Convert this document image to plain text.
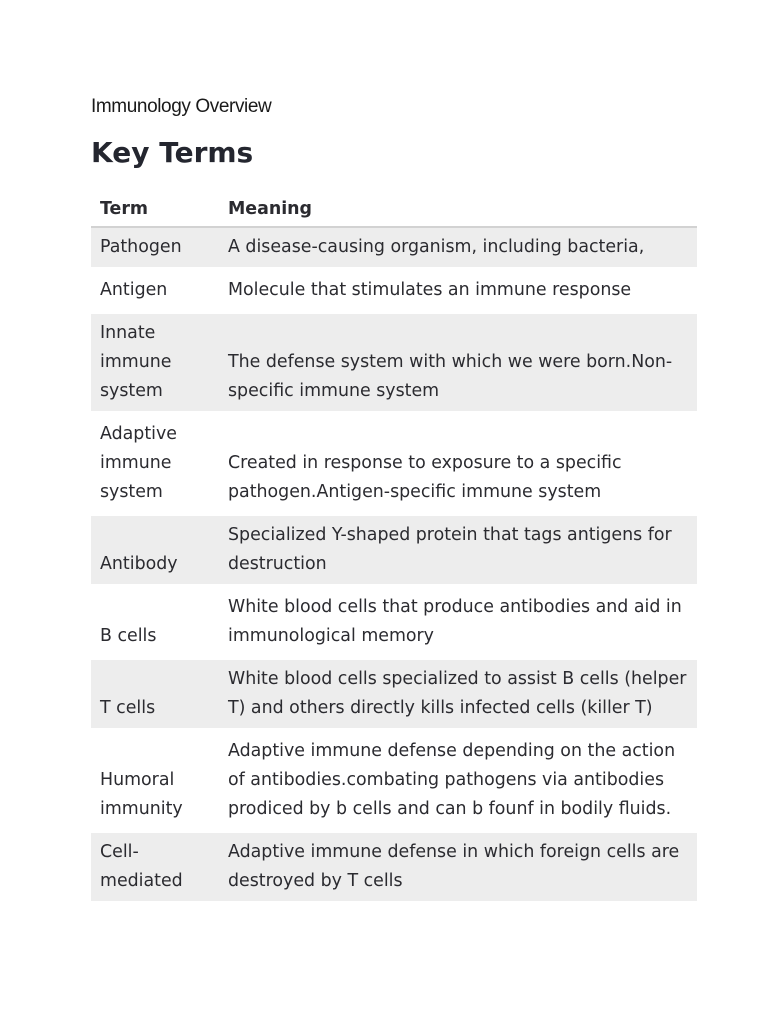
Immunology Overview

Key Terms
Term	Meaning
Pathogen	A disease-causing organism, including bacteria,
Antigen	Molecule that stimulates an immune response
Innate immune system	The defense system with which we were born.Non-specific immune system
Adaptive immune system	Created in response to exposure to a specific pathogen.Antigen-specific immune system
Antibody	Specialized Y-shaped protein that tags antigens for destruction
B cells	White blood cells that produce antibodies and aid in immunological memory
T cells	White blood cells specialized to assist B cells (helper T) and others directly kills infected cells (killer T)
Humoral immunity	Adaptive immune defense depending on the action of antibodies.combating pathogens via antibodies prodiced by b cells and can b founf in bodily fluids.
Cell-mediated	Adaptive immune defense in which foreign cells are destroyed by T cells
